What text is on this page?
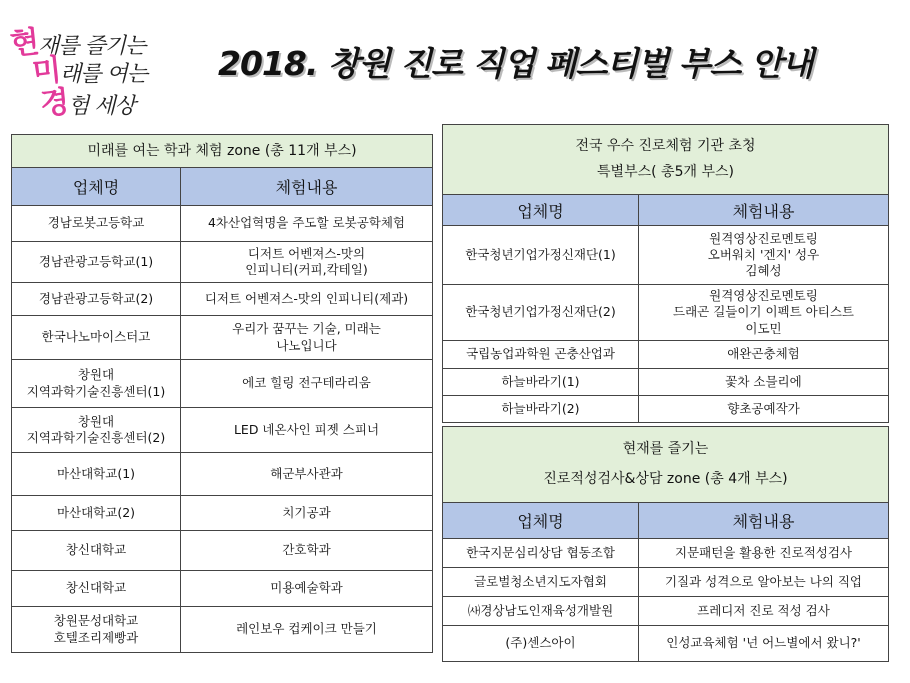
현재를 즐기는
미래를 여는
경험 세상
2018. 창원 진로 직업 페스티벌 부스 안내
미래를 여는 학과 체험 zone (총 11개 부스)	
업체명	체험내용
경남로봇고등학교	4차산업혁명을 주도할 로봇공학체험
경남관광고등학교(1)	디저트 어벤져스-맛의
인피니티(커피,칵테일)
경남관광고등학교(2)	디저트 어벤져스-맛의 인피니티(제과)
한국나노마이스터고	우리가 꿈꾸는 기술, 미래는
나노입니다
창원대
지역과학기술진흥센터(1)	에코 힐링 전구테라리움
창원대
지역과학기술진흥센터(2)	LED 네온사인 피젯 스피너
마산대학교(1)	해군부사관과
마산대학교(2)	치기공과
창신대학교	간호학과
창신대학교	미용예술학과
창원문성대학교
호텔조리제빵과	레인보우 컵케이크 만들기
전국 우수 진로체험 기관 초청
특별부스( 총5개 부스)	
업체명	체험내용
한국청년기업가정신재단(1)	원격영상진로멘토링
오버워치 '겐지' 성우
김혜성
한국청년기업가정신재단(2)	원격영상진로멘토링
드래곤 길들이기 이펙트 아티스트
이도민
국립농업과학원 곤충산업과	애완곤충체험
하늘바라기(1)	꽃차 소믈리에
하늘바라기(2)	향초공예작가
현재를 즐기는
진로적성검사&상담 zone (총 4개 부스)	
업체명	체험내용
한국지문심리상담 협동조합	지문패턴을 활용한 진로적성검사
글로벌청소년지도자협회	기질과 성격으로 알아보는 나의 직업
㈔경상남도인재육성개발원	프레디저 진로 적성 검사
(주)센스아이	인성교육체험 '넌 어느별에서 왔니?'
